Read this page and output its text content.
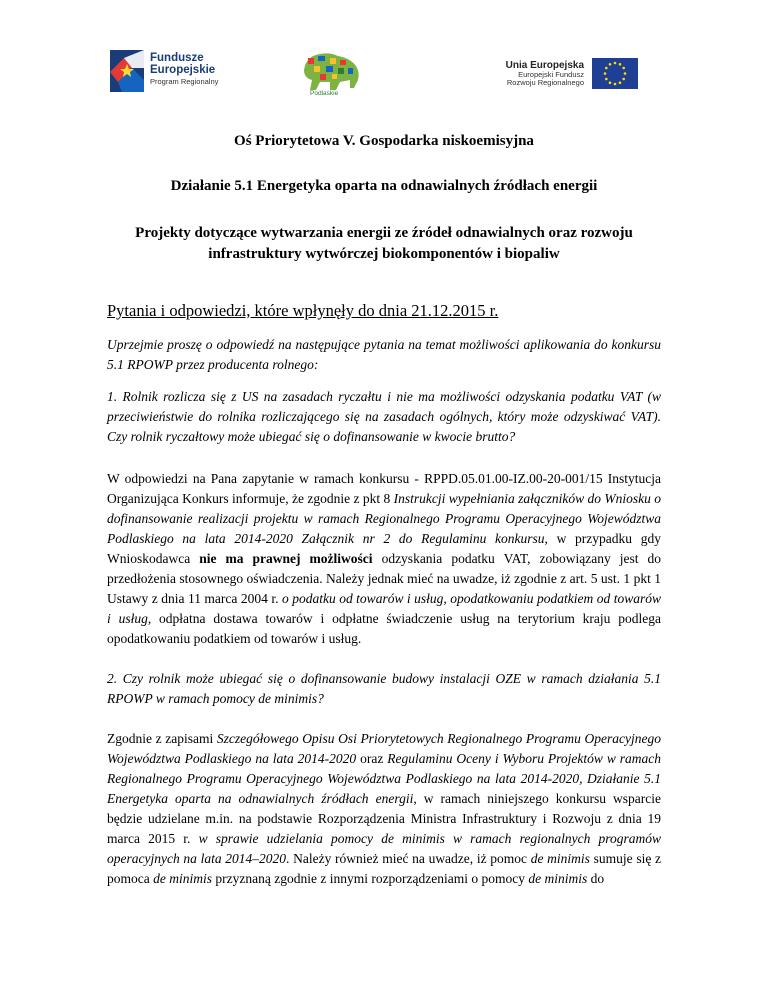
Fundusze
Europejskie
Program Regionalny
Podlaskie
Unia Europejska
Europejski Fundusz
Rozwoju Regionalnego
Oś Priorytetowa V. Gospodarka niskoemisyjna
Działanie 5.1 Energetyka oparta na odnawialnych źródłach energii
Projekty dotyczące wytwarzania energii ze źródeł odnawialnych oraz rozwoju infrastruktury wytwórczej biokomponentów i biopaliw
Pytania i odpowiedzi, które wpłynęły do dnia 21.12.2015 r.

Uprzejmie proszę o odpowiedź na następujące pytania na temat możliwości aplikowania do konkursu 5.1 RPOWP przez producenta rolnego:

1. Rolnik rozlicza się z US na zasadach ryczałtu i nie ma możliwości odzyskania podatku VAT (w przeciwieństwie do rolnika rozliczającego się na zasadach ogólnych, który może odzyskiwać VAT). Czy rolnik ryczałtowy może ubiegać się o dofinansowanie w kwocie brutto?

W odpowiedzi na Pana zapytanie w ramach konkursu - RPPD.05.01.00-IZ.00-20-001/15 Instytucja Organizująca Konkurs informuje, że zgodnie z pkt 8 Instrukcji wypełniania załączników do Wniosku o dofinansowanie realizacji projektu w ramach Regionalnego Programu Operacyjnego Województwa Podlaskiego na lata 2014-2020 Załącznik nr 2 do Regulaminu konkursu, w przypadku gdy Wnioskodawca nie ma prawnej możliwości odzyskania podatku VAT, zobowiązany jest do przedłożenia stosownego oświadczenia. Należy jednak mieć na uwadze, iż zgodnie z art. 5 ust. 1 pkt 1 Ustawy z dnia 11 marca 2004 r. o podatku od towarów i usług, opodatkowaniu podatkiem od towarów i usług, odpłatna dostawa towarów i odpłatne świadczenie usług na terytorium kraju podlega opodatkowaniu podatkiem od towarów i usług.

2. Czy rolnik może ubiegać się o dofinansowanie budowy instalacji OZE w ramach działania 5.1 RPOWP w ramach pomocy de minimis?

Zgodnie z zapisami Szczegółowego Opisu Osi Priorytetowych Regionalnego Programu Operacyjnego Województwa Podlaskiego na lata 2014-2020 oraz Regulaminu Oceny i Wyboru Projektów w ramach Regionalnego Programu Operacyjnego Województwa Podlaskiego na lata 2014-2020, Działanie 5.1 Energetyka oparta na odnawialnych źródłach energii, w ramach niniejszego konkursu wsparcie będzie udzielane m.in. na podstawie Rozporządzenia Ministra Infrastruktury i Rozwoju z dnia 19 marca 2015 r. w sprawie udzielania pomocy de minimis w ramach regionalnych programów operacyjnych na lata 2014–2020. Należy również mieć na uwadze, iż pomoc de minimis sumuje się z pomoca de minimis przyznaną zgodnie z innymi rozporządzeniami o pomocy de minimis do
